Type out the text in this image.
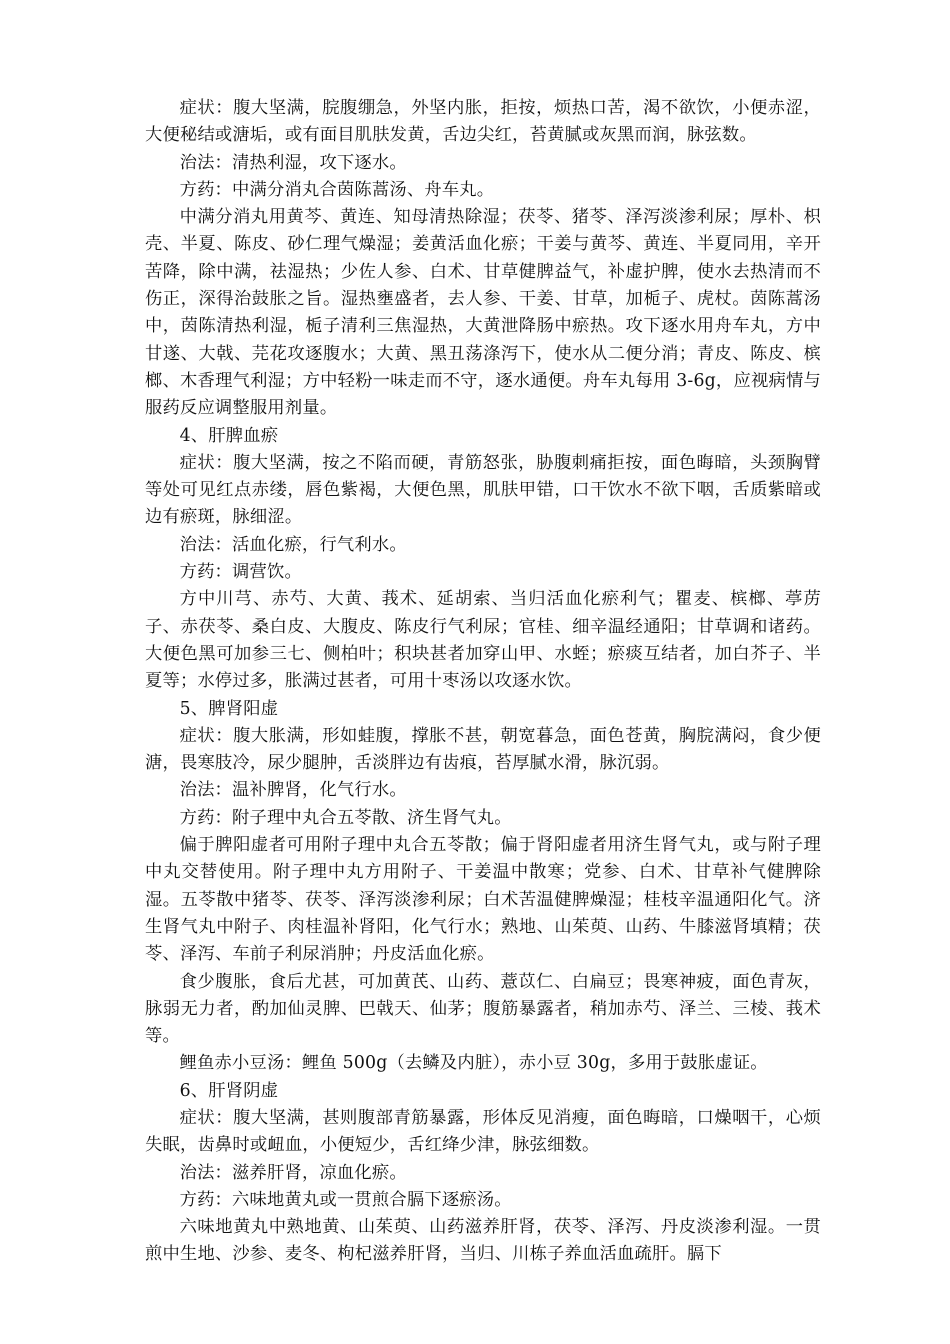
症状：腹大坚满，脘腹绷急，外坚内胀，拒按，烦热口苦，渴不欲饮，小便赤涩，大便秘结或溏垢，或有面目肌肤发黄，舌边尖红，苔黄腻或灰黑而润，脉弦数。

治法：清热利湿，攻下逐水。

方药：中满分消丸合茵陈蒿汤、舟车丸。

中满分消丸用黄芩、黄连、知母清热除湿；茯苓、猪苓、泽泻淡渗利尿；厚朴、枳壳、半夏、陈皮、砂仁理气燥湿；姜黄活血化瘀；干姜与黄芩、黄连、半夏同用，辛开苦降，除中满，祛湿热；少佐人参、白术、甘草健脾益气，补虚护脾，使水去热清而不伤正，深得治鼓胀之旨。湿热壅盛者，去人参、干姜、甘草，加栀子、虎杖。茵陈蒿汤中，茵陈清热利湿，栀子清利三焦湿热，大黄泄降肠中瘀热。攻下逐水用舟车丸，方中甘遂、大戟、芫花攻逐腹水；大黄、黑丑荡涤泻下，使水从二便分消；青皮、陈皮、槟榔、木香理气利湿；方中轻粉一味走而不守，逐水通便。舟车丸每用 3-6g，应视病情与服药反应调整服用剂量。

4、肝脾血瘀

症状：腹大坚满，按之不陷而硬，青筋怒张，胁腹刺痛拒按，面色晦暗，头颈胸臂等处可见红点赤缕，唇色紫褐，大便色黑，肌肤甲错，口干饮水不欲下咽，舌质紫暗或边有瘀斑，脉细涩。

治法：活血化瘀，行气利水。

方药：调营饮。

方中川芎、赤芍、大黄、莪术、延胡索、当归活血化瘀利气；瞿麦、槟榔、葶苈子、赤茯苓、桑白皮、大腹皮、陈皮行气利尿；官桂、细辛温经通阳；甘草调和诸药。大便色黑可加参三七、侧柏叶；积块甚者加穿山甲、水蛭；瘀痰互结者，加白芥子、半夏等；水停过多，胀满过甚者，可用十枣汤以攻逐水饮。

5、脾肾阳虚

症状：腹大胀满，形如蛙腹，撑胀不甚，朝宽暮急，面色苍黄，胸脘满闷，食少便溏，畏寒肢冷，尿少腿肿，舌淡胖边有齿痕，苔厚腻水滑，脉沉弱。

治法：温补脾肾，化气行水。

方药：附子理中丸合五苓散、济生肾气丸。

偏于脾阳虚者可用附子理中丸合五苓散；偏于肾阳虚者用济生肾气丸，或与附子理中丸交替使用。附子理中丸方用附子、干姜温中散寒；党参、白术、甘草补气健脾除湿。五苓散中猪苓、茯苓、泽泻淡渗利尿；白术苦温健脾燥湿；桂枝辛温通阳化气。济生肾气丸中附子、肉桂温补肾阳，化气行水；熟地、山茱萸、山药、牛膝滋肾填精；茯苓、泽泻、车前子利尿消肿；丹皮活血化瘀。

食少腹胀，食后尤甚，可加黄芪、山药、薏苡仁、白扁豆；畏寒神疲，面色青灰，脉弱无力者，酌加仙灵脾、巴戟天、仙茅；腹筋暴露者，稍加赤芍、泽兰、三棱、莪术等。

鲤鱼赤小豆汤：鲤鱼 500g（去鳞及内脏），赤小豆 30g，多用于鼓胀虚证。

6、肝肾阴虚

症状：腹大坚满，甚则腹部青筋暴露，形体反见消瘦，面色晦暗，口燥咽干，心烦失眠，齿鼻时或衄血，小便短少，舌红绛少津，脉弦细数。

治法：滋养肝肾，凉血化瘀。

方药：六味地黄丸或一贯煎合膈下逐瘀汤。

六味地黄丸中熟地黄、山茱萸、山药滋养肝肾，茯苓、泽泻、丹皮淡渗利湿。一贯煎中生地、沙参、麦冬、枸杞滋养肝肾，当归、川栋子养血活血疏肝。膈下
